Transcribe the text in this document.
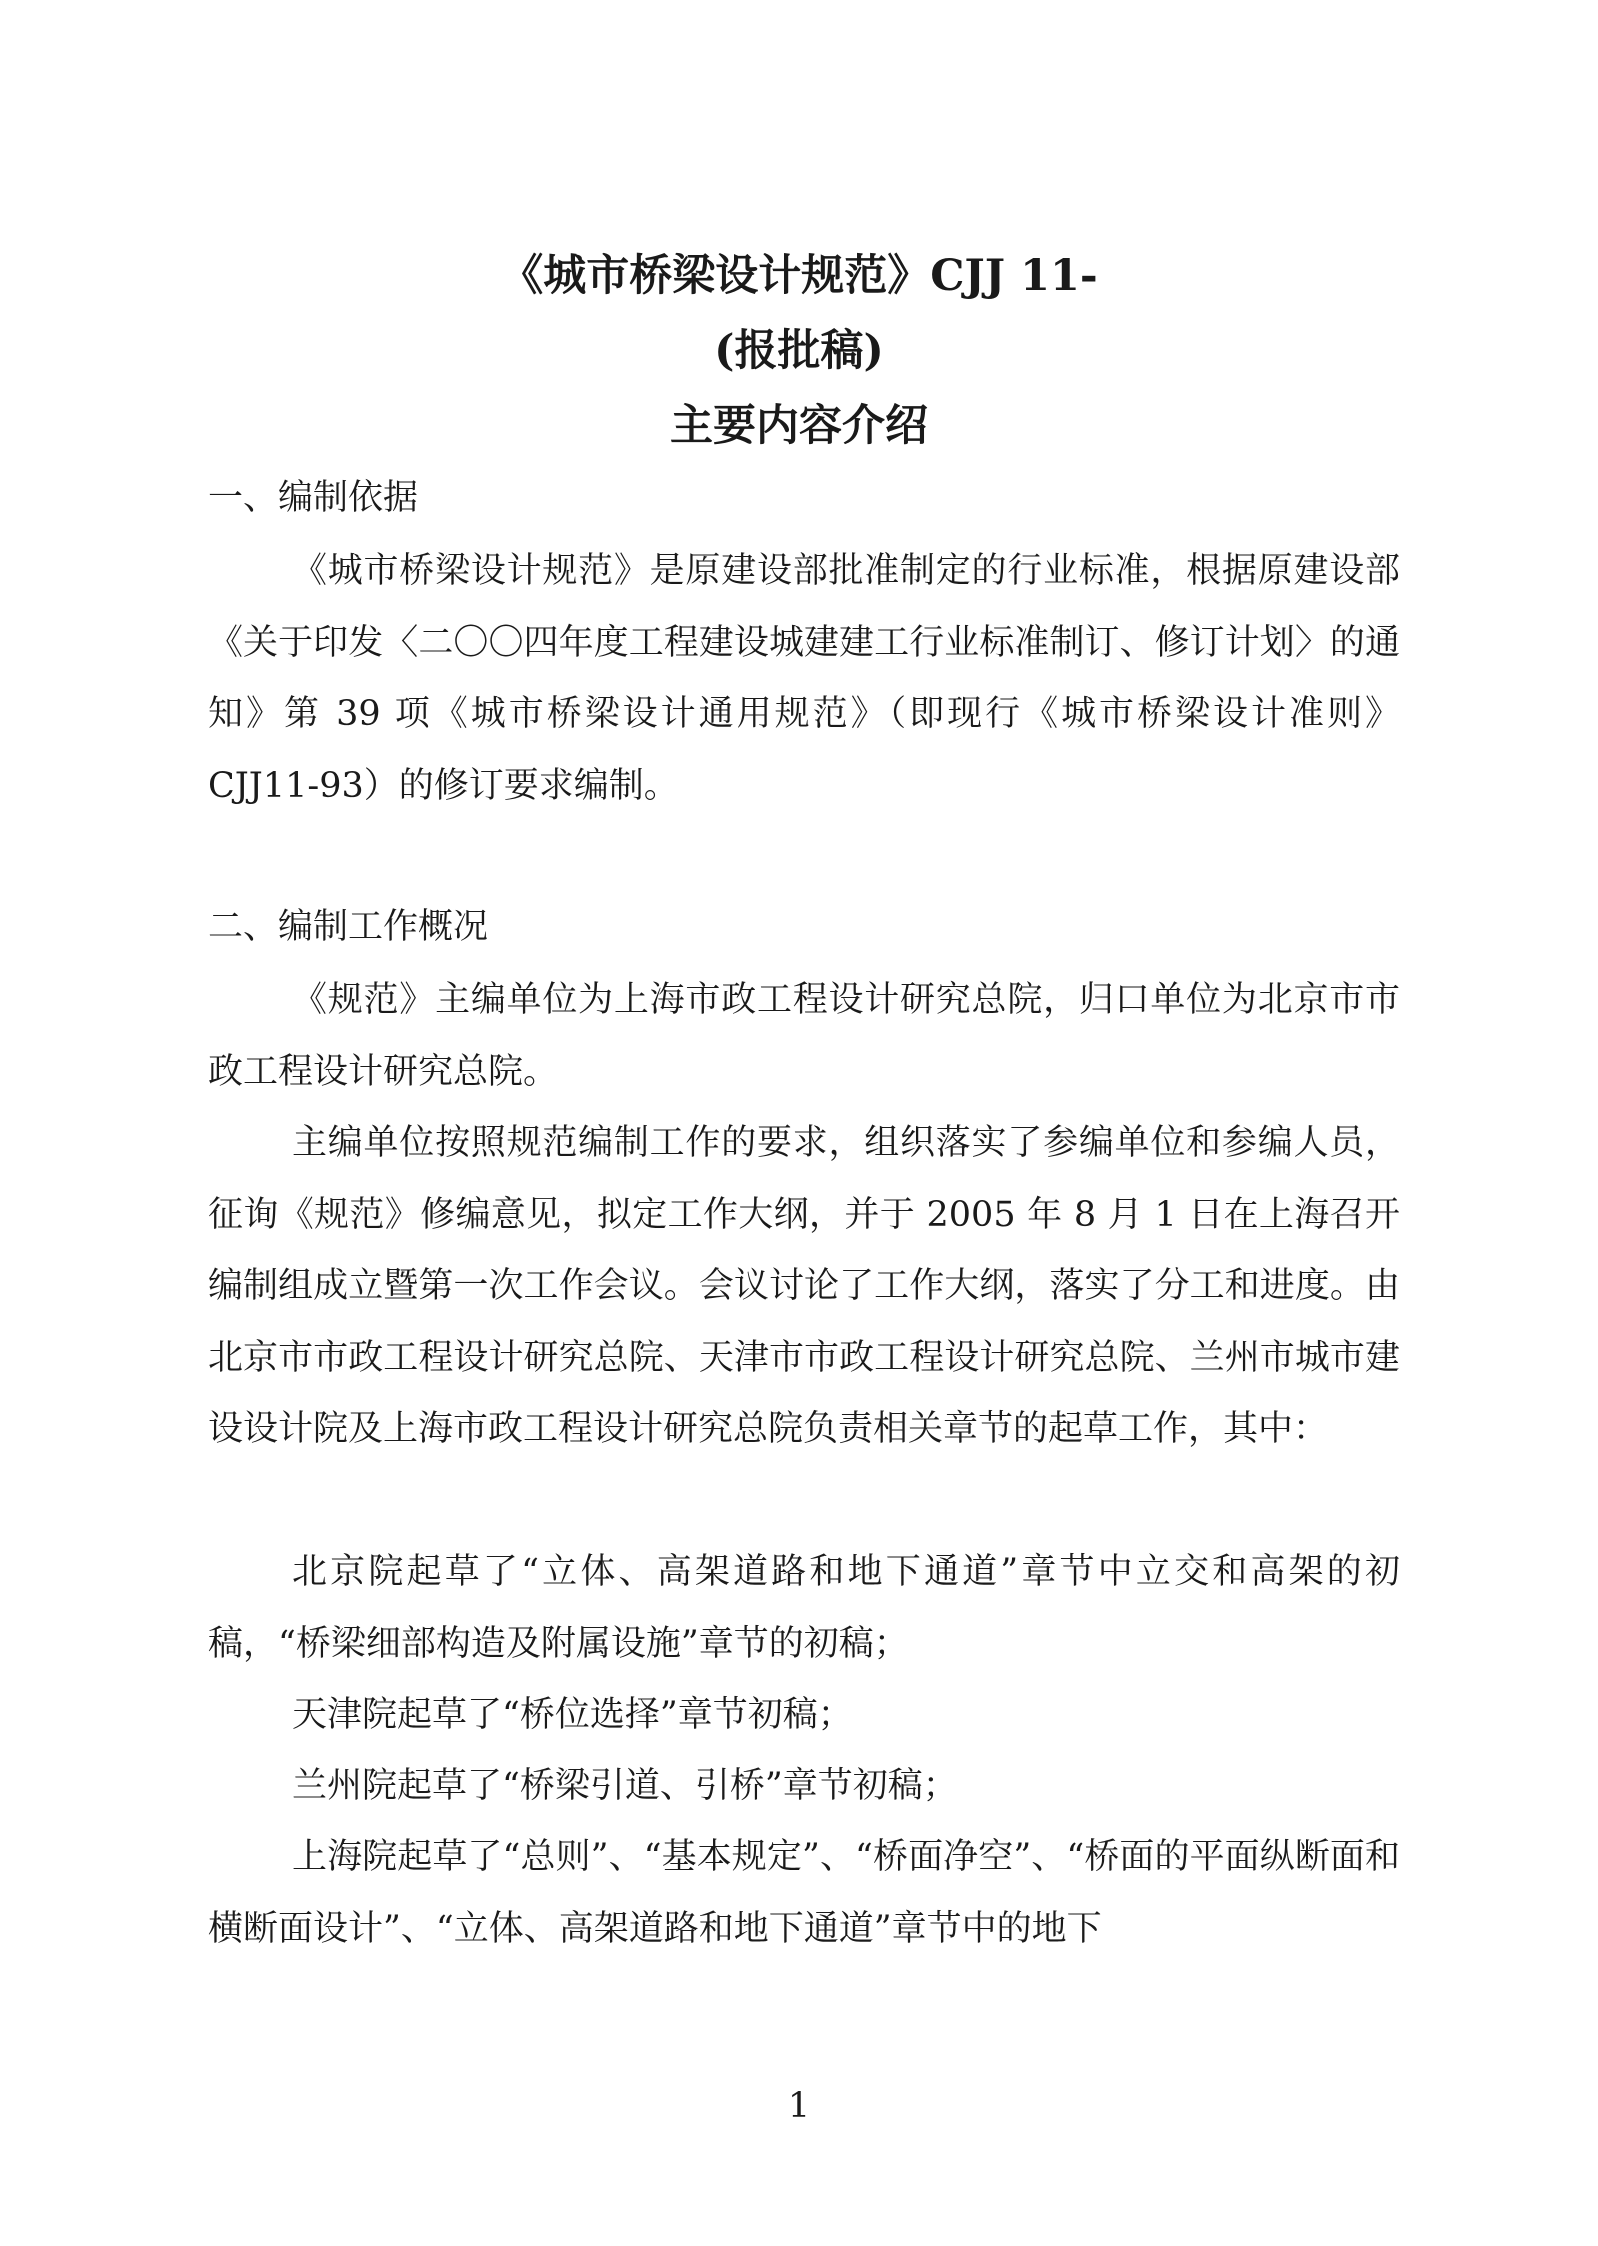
《城市桥梁设计规范》CJJ 11-
(报批稿)
主要内容介绍
一、编制依据
《城市桥梁设计规范》是原建设部批准制定的行业标准，根据原建设部《关于印发〈二〇〇四年度工程建设城建建工行业标准制订、修订计划〉的通知》第 39 项《城市桥梁设计通用规范》（即现行《城市桥梁设计准则》CJJ11-93）的修订要求编制。
二、编制工作概况
《规范》主编单位为上海市政工程设计研究总院，归口单位为北京市市政工程设计研究总院。
主编单位按照规范编制工作的要求，组织落实了参编单位和参编人员，征询《规范》修编意见，拟定工作大纲，并于 2005 年 8 月 1 日在上海召开编制组成立暨第一次工作会议。会议讨论了工作大纲，落实了分工和进度。由北京市市政工程设计研究总院、天津市市政工程设计研究总院、兰州市城市建设设计院及上海市政工程设计研究总院负责相关章节的起草工作，其中：
北京院起草了“立体、高架道路和地下通道”章节中立交和高架的初稿，“桥梁细部构造及附属设施”章节的初稿；
天津院起草了“桥位选择”章节初稿；
兰州院起草了“桥梁引道、引桥”章节初稿；
上海院起草了“总则”、“基本规定”、“桥面净空”、“桥面的平面纵断面和横断面设计”、“立体、高架道路和地下通道”章节中的地下
1
